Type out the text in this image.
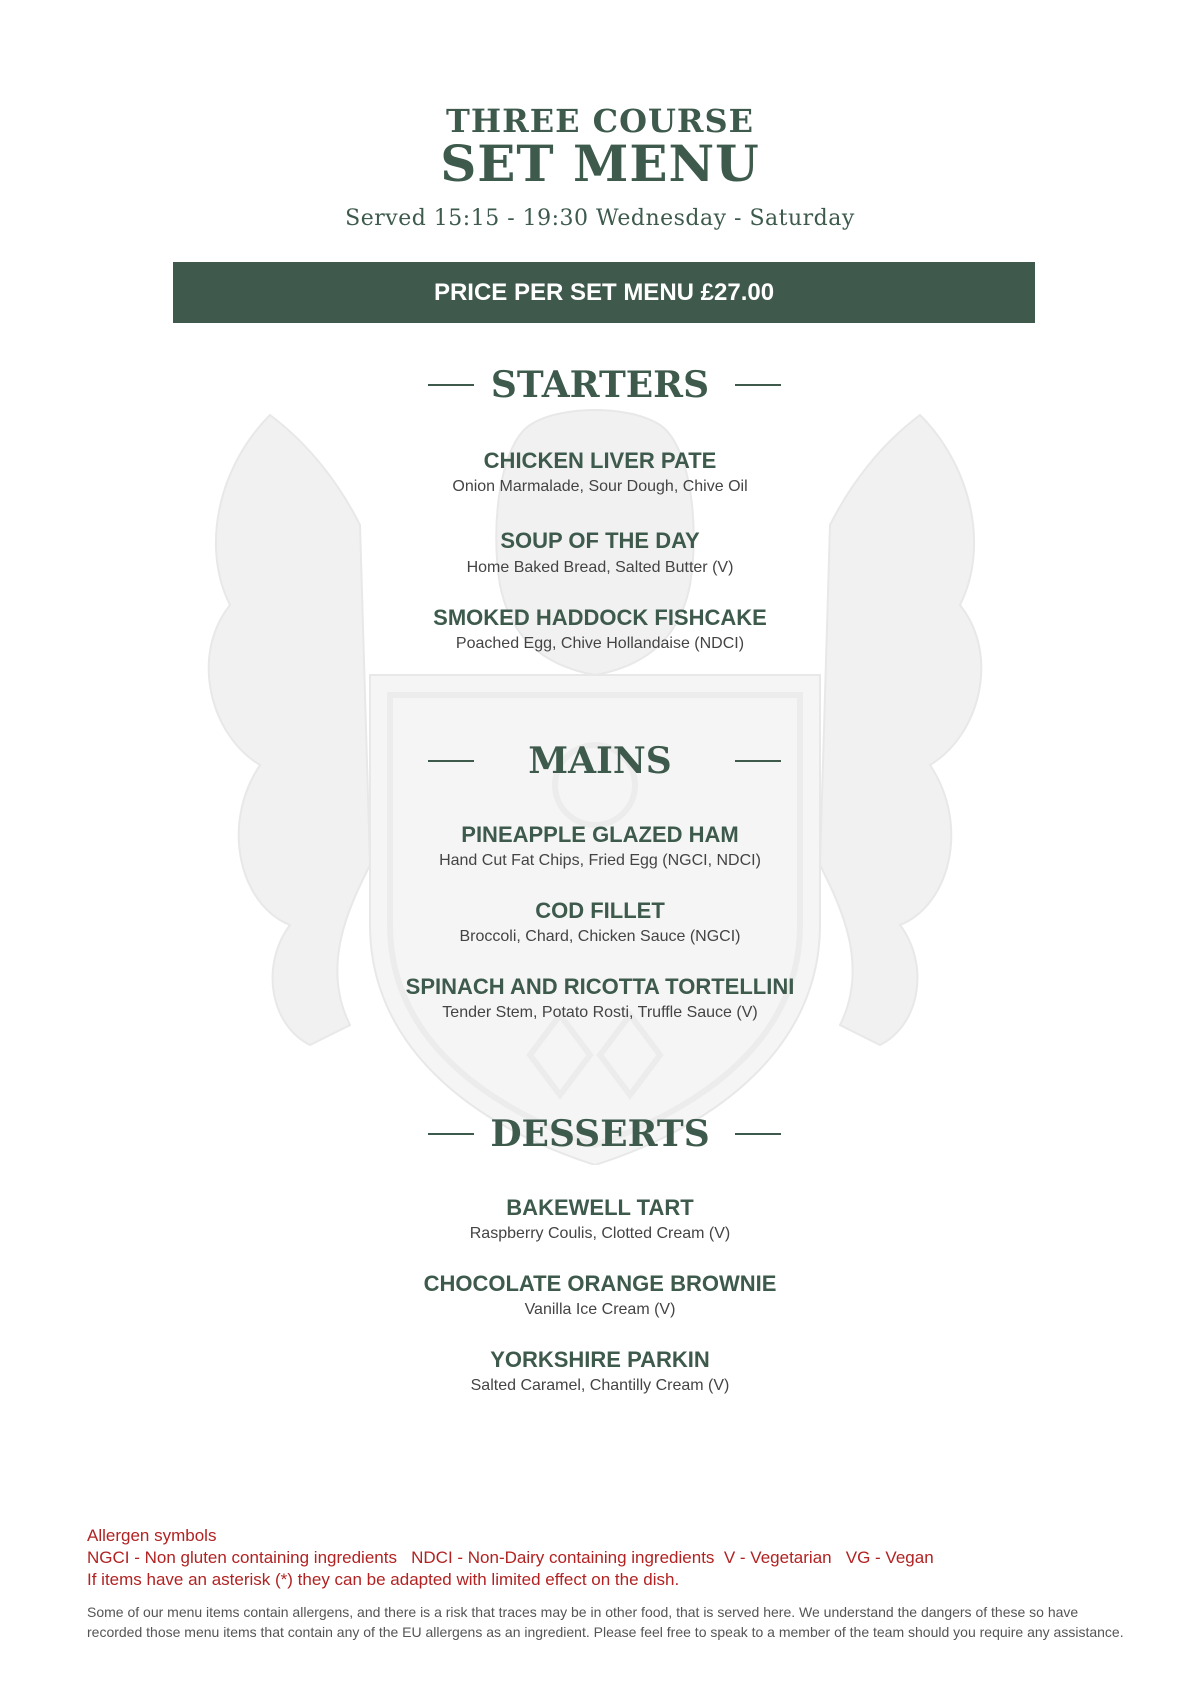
THREE COURSE
SET MENU
Served 15:15 - 19:30 Wednesday - Saturday
PRICE PER SET MENU £27.00
STARTERS
CHICKEN LIVER PATE
Onion Marmalade, Sour Dough, Chive Oil
SOUP OF THE DAY
Home Baked Bread, Salted Butter (V)
SMOKED HADDOCK FISHCAKE
Poached Egg, Chive Hollandaise (NDCI)
MAINS
PINEAPPLE GLAZED HAM
Hand Cut Fat Chips, Fried Egg (NGCI, NDCI)
COD FILLET
Broccoli, Chard, Chicken Sauce (NGCI)
SPINACH AND RICOTTA TORTELLINI
Tender Stem, Potato Rosti, Truffle Sauce (V)
DESSERTS
BAKEWELL TART
Raspberry Coulis, Clotted Cream (V)
CHOCOLATE ORANGE BROWNIE
Vanilla Ice Cream (V)
YORKSHIRE PARKIN
Salted Caramel, Chantilly Cream (V)
Allergen symbols
NGCI - Non gluten containing ingredients   NDCI - Non-Dairy containing ingredients  V - Vegetarian   VG - Vegan
If items have an asterisk (*) they can be adapted with limited effect on the dish.
Some of our menu items contain allergens, and there is a risk that traces may be in other food, that is served here. We understand the dangers of these so have recorded those menu items that contain any of the EU allergens as an ingredient. Please feel free to speak to a member of the team should you require any assistance.
